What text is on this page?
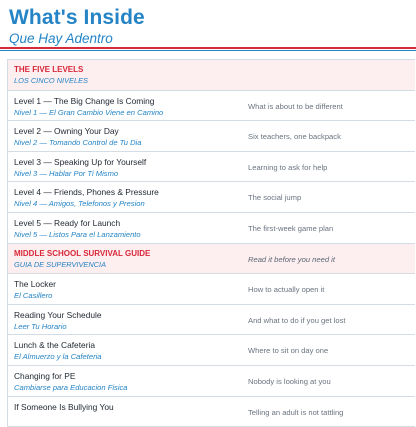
What's Inside
Que Hay Adentro
THE FIVE LEVELS
LOS CINCO NIVELES
Level 1 — The Big Change Is Coming
Nivel 1 — El Gran Cambio Viene en Camino
What is about to be different
Level 2 — Owning Your Day
Nivel 2 — Tomando Control de Tu Dia
Six teachers, one backpack
Level 3 — Speaking Up for Yourself
Nivel 3 — Hablar Por Ti Mismo
Learning to ask for help
Level 4 — Friends, Phones & Pressure
Nivel 4 — Amigos, Telefonos y Presion
The social jump
Level 5 — Ready for Launch
Nivel 5 — Listos Para el Lanzamiento
The first-week game plan
MIDDLE SCHOOL SURVIVAL GUIDE
GUIA DE SUPERVIVENCIA
Read it before you need it
The Locker
El Casillero
How to actually open it
Reading Your Schedule
Leer Tu Horario
And what to do if you get lost
Lunch & the Cafeteria
El Almuerzo y la Cafeteria
Where to sit on day one
Changing for PE
Cambiarse para Educacion Fisica
Nobody is looking at you
If Someone Is Bullying You
Telling an adult is not tattling
